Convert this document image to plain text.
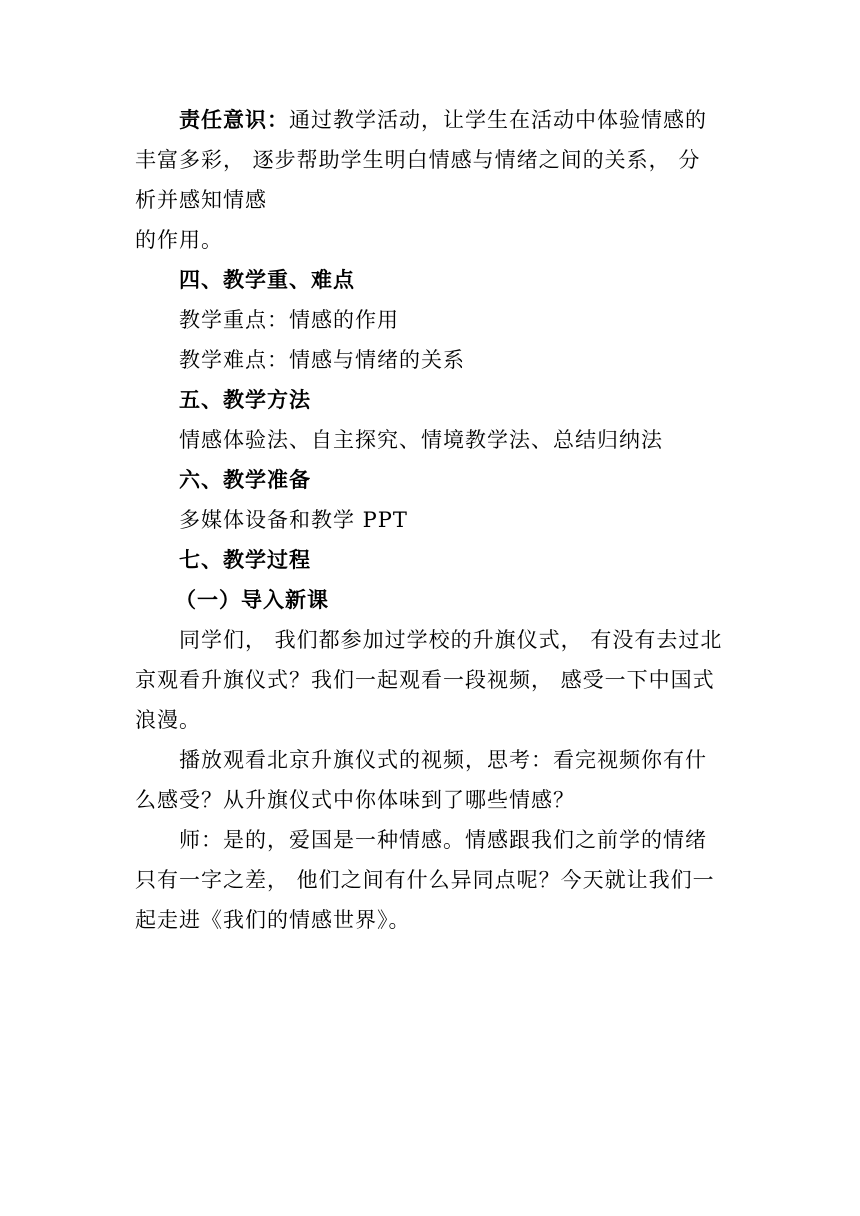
责任意识：通过教学活动，让学生在活动中体验情感的

丰富多彩， 逐步帮助学生明白情感与情绪之间的关系， 分

析并感知情感

的作用。

四、教学重、难点

教学重点：情感的作用

教学难点：情感与情绪的关系

五、教学方法

情感体验法、自主探究、情境教学法、总结归纳法

六、教学准备

多媒体设备和教学 PPT

七、教学过程

（一）导入新课

同学们， 我们都参加过学校的升旗仪式， 有没有去过北

京观看升旗仪式？我们一起观看一段视频， 感受一下中国式

浪漫。

播放观看北京升旗仪式的视频，思考：看完视频你有什

么感受？从升旗仪式中你体味到了哪些情感？

师：是的，爱国是一种情感。情感跟我们之前学的情绪

只有一字之差， 他们之间有什么异同点呢？今天就让我们一

起走进《我们的情感世界》。
